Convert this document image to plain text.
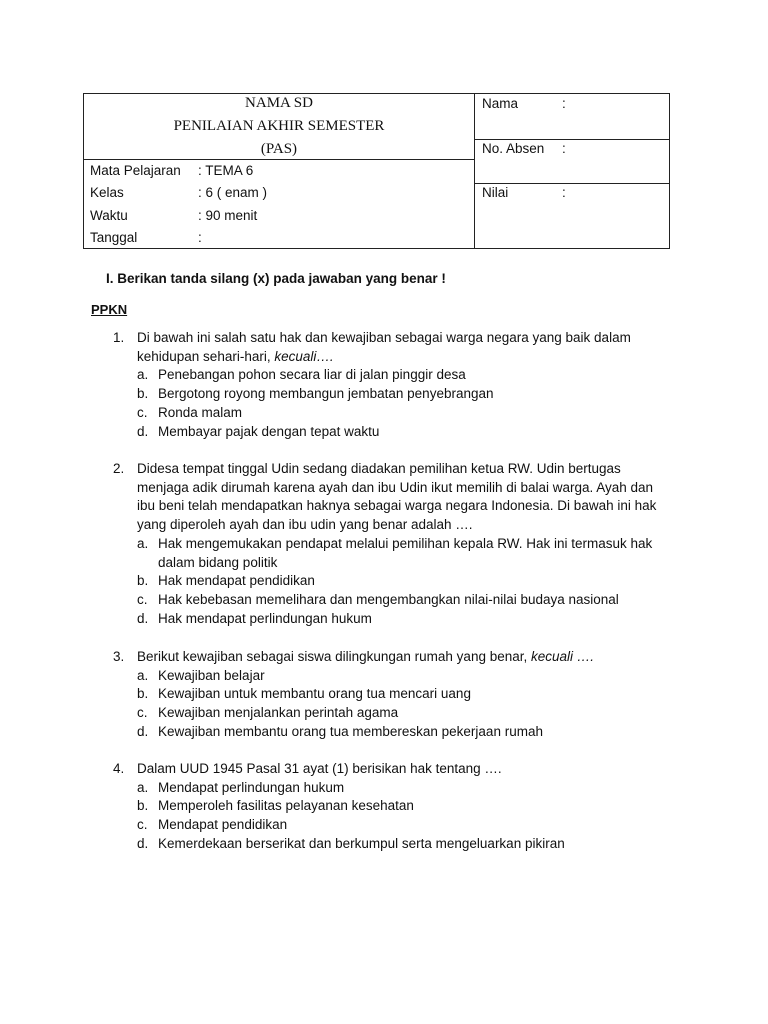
NAMA SD
PENILAIAN AKHIR SEMESTER
(PAS)
Mata Pelajaran : TEMA 6
Kelas	: 6 ( enam )
Waktu	: 90 menit
Tanggal	:
Nama	:
No. Absen :
Nilai	:
I. Berikan tanda silang (x) pada jawaban yang benar !
PPKN
1. Di bawah ini salah satu hak dan kewajiban sebagai warga negara yang baik dalam kehidupan sehari-hari, kecuali….
a. Penebangan pohon secara liar di jalan pinggir desa
b. Bergotong royong membangun jembatan penyebrangan
c. Ronda malam
d. Membayar pajak dengan tepat waktu
2. Didesa tempat tinggal Udin sedang diadakan pemilihan ketua RW. Udin bertugas menjaga adik dirumah karena ayah dan ibu Udin ikut memilih di balai warga. Ayah dan ibu beni telah mendapatkan haknya sebagai warga negara Indonesia. Di bawah ini hak yang diperoleh ayah dan ibu udin yang benar adalah ….
a. Hak mengemukakan pendapat melalui pemilihan kepala RW. Hak ini termasuk hak dalam bidang politik
b. Hak mendapat pendidikan
c. Hak kebebasan memelihara dan mengembangkan nilai-nilai budaya nasional
d. Hak mendapat perlindungan hukum
3. Berikut kewajiban sebagai siswa dilingkungan rumah yang benar, kecuali ….
a. Kewajiban belajar
b. Kewajiban untuk membantu orang tua mencari uang
c. Kewajiban menjalankan perintah agama
d. Kewajiban membantu orang tua membereskan pekerjaan rumah
4. Dalam UUD 1945 Pasal 31 ayat (1) berisikan hak tentang ….
a. Mendapat perlindungan hukum
b. Memperoleh fasilitas pelayanan kesehatan
c. Mendapat pendidikan
d. Kemerdekaan berserikat dan berkumpul serta mengeluarkan pikiran
